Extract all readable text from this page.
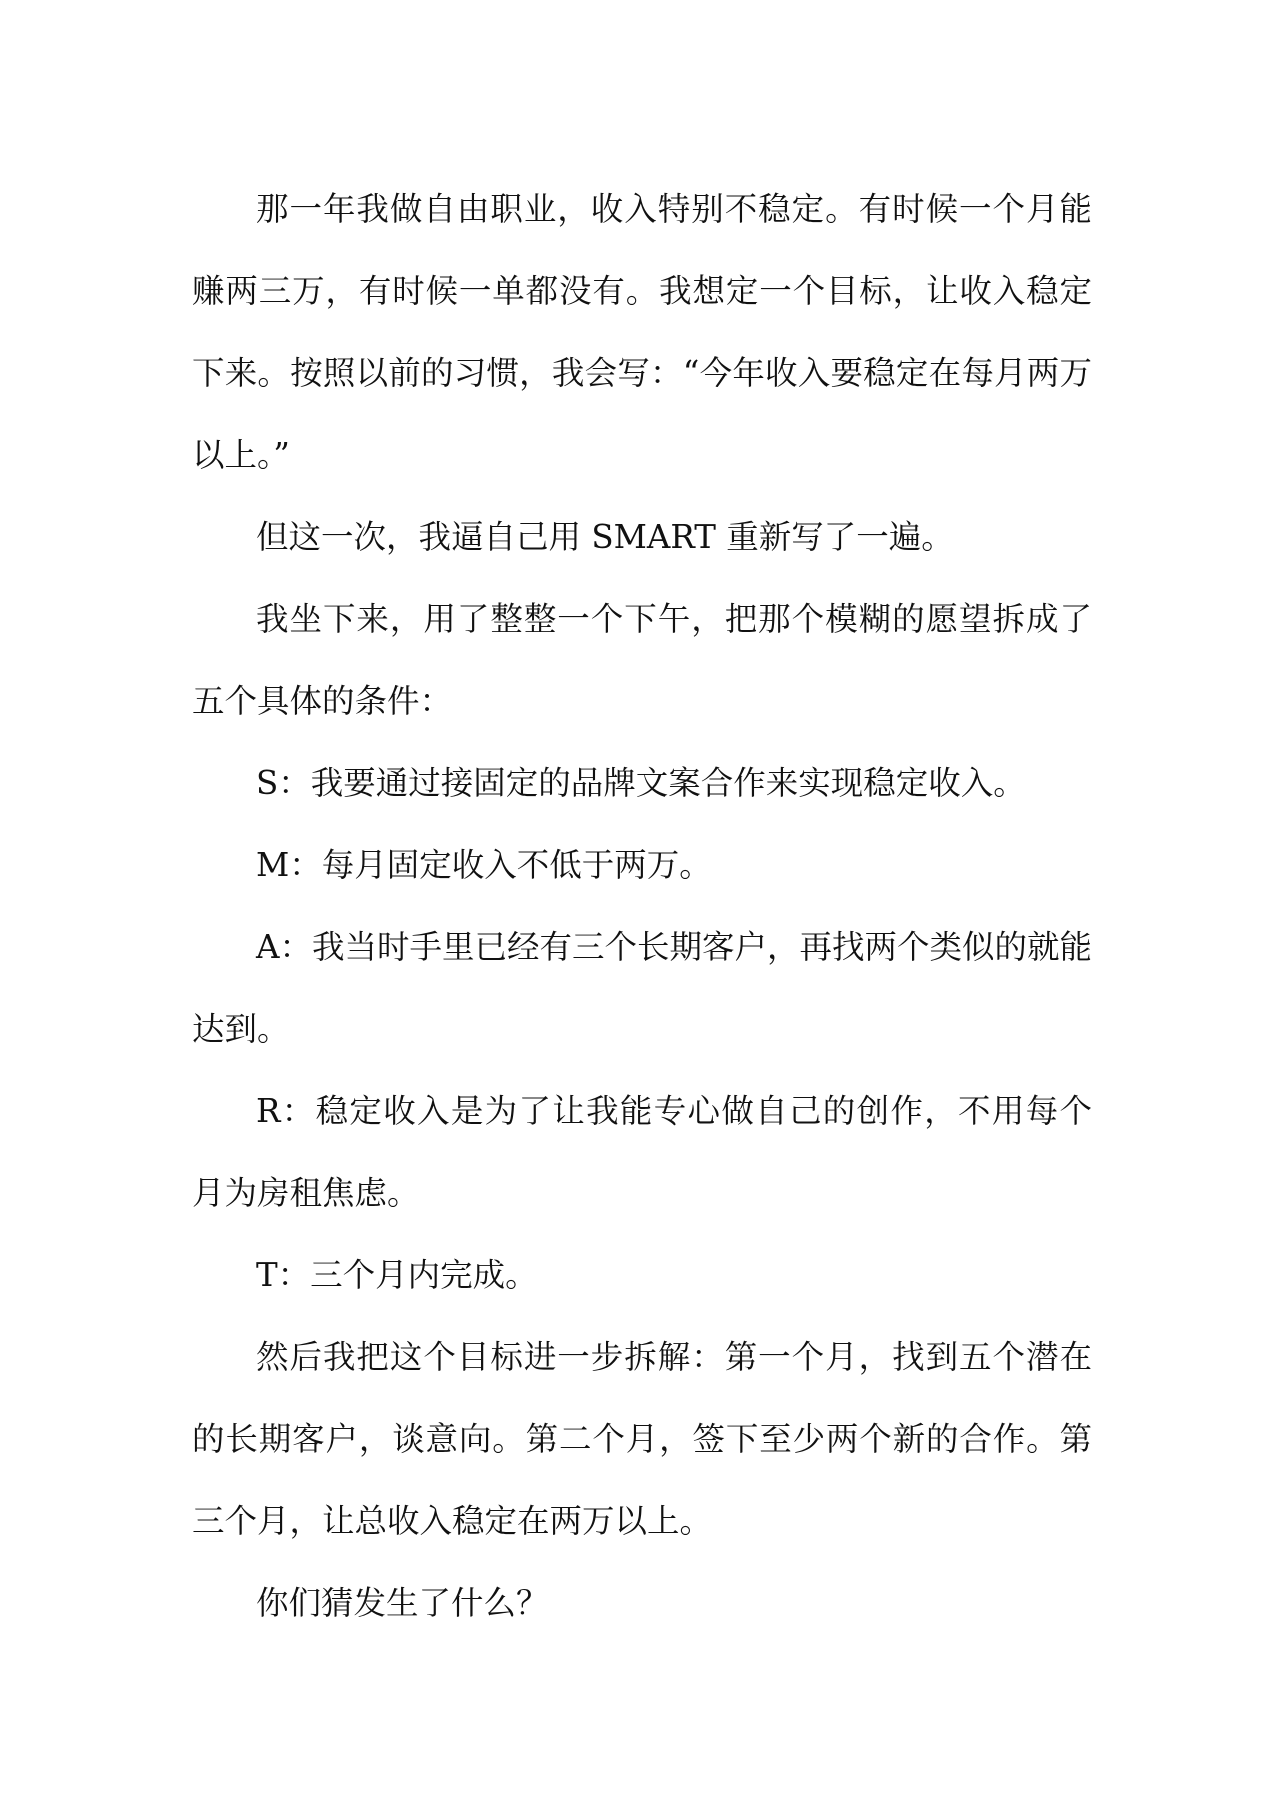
那一年我做自由职业，收入特别不稳定。有时候一个月能赚两三万，有时候一单都没有。我想定一个目标，让收入稳定下来。按照以前的习惯，我会写：“今年收入要稳定在每月两万以上。”

但这一次，我逼自己用 SMART 重新写了一遍。

我坐下来，用了整整一个下午，把那个模糊的愿望拆成了五个具体的条件：

S：我要通过接固定的品牌文案合作来实现稳定收入。

M：每月固定收入不低于两万。

A：我当时手里已经有三个长期客户，再找两个类似的就能达到。

R：稳定收入是为了让我能专心做自己的创作，不用每个月为房租焦虑。

T：三个月内完成。

然后我把这个目标进一步拆解：第一个月，找到五个潜在的长期客户，谈意向。第二个月，签下至少两个新的合作。第三个月，让总收入稳定在两万以上。

你们猜发生了什么？
